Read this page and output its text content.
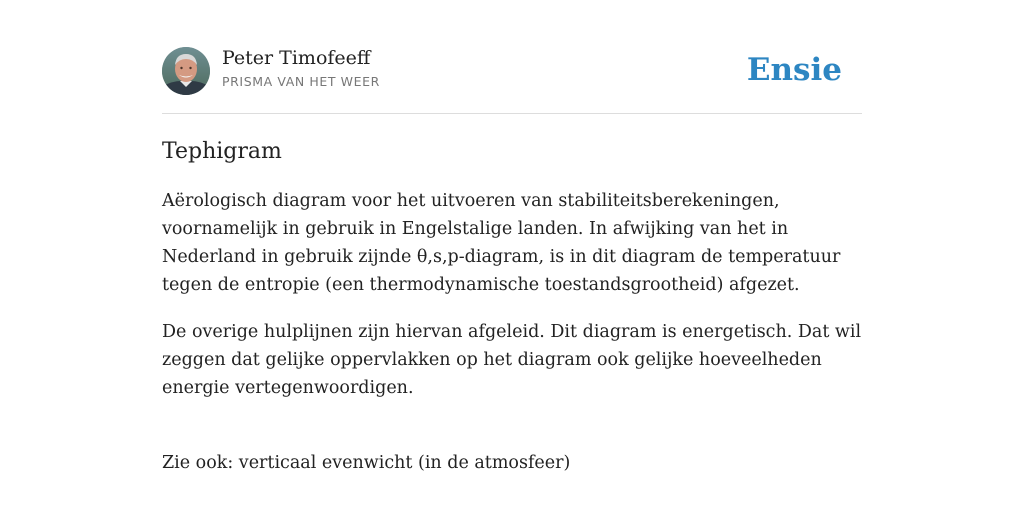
Peter Timofeeff
PRISMA VAN HET WEER	Ensie
Tephigram

Aërologisch diagram voor het uitvoeren van stabiliteitsberekeningen, voornamelijk in gebruik in Engelstalige landen. In afwijking van het in Nederland in gebruik zijnde θ,s,p-diagram, is in dit diagram de temperatuur tegen de entropie (een thermodynamische toestandsgrootheid) afgezet.

De overige hulplijnen zijn hiervan afgeleid. Dit diagram is energetisch. Dat wil zeggen dat gelijke oppervlakken op het diagram ook gelijke hoeveelheden energie vertegenwoordigen.

Zie ook: verticaal evenwicht (in de atmosfeer)
